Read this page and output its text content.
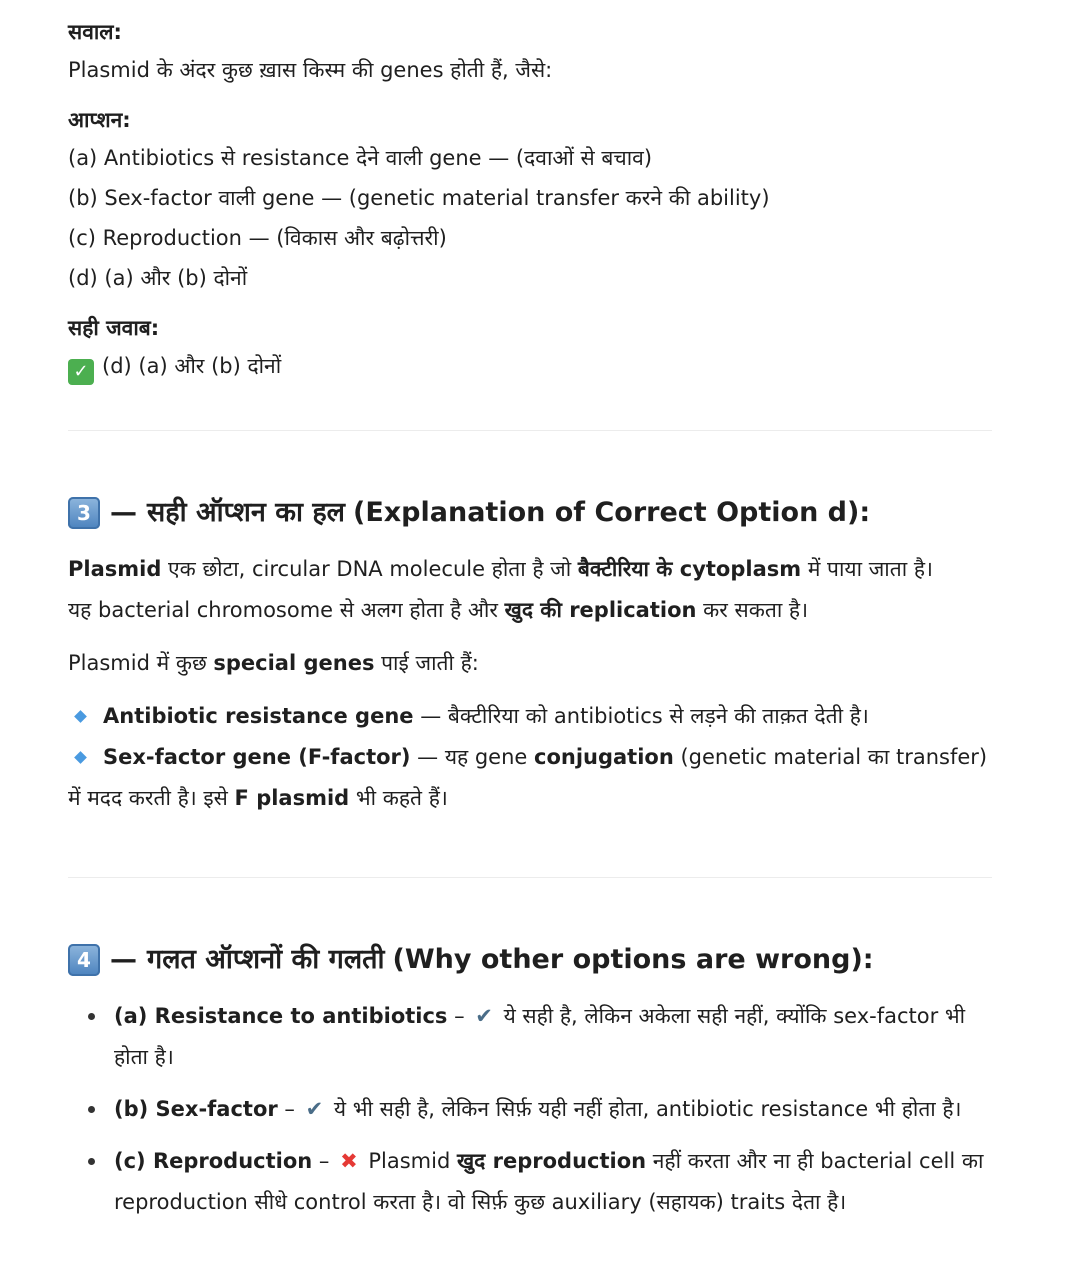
सवाल:

Plasmid के अंदर कुछ ख़ास किस्म की genes होती हैं, जैसे:

आप्शन:

(a) Antibiotics से resistance देने वाली gene — (दवाओं से बचाव)

(b) Sex-factor वाली gene — (genetic material transfer करने की ability)

(c) Reproduction — (विकास और बढ़ोत्तरी)

(d) (a) और (b) दोनों

सही जवाब:

✓ (d) (a) और (b) दोनों

3 — सही ऑप्शन का हल (Explanation of Correct Option d):

Plasmid एक छोटा, circular DNA molecule होता है जो बैक्टीरिया के cytoplasm में पाया जाता है।

यह bacterial chromosome से अलग होता है और खुद की replication कर सकता है।

Plasmid में कुछ special genes पाई जाती हैं:

Antibiotic resistance gene — बैक्टीरिया को antibiotics से लड़ने की ताक़त देती है।

Sex-factor gene (F-factor) — यह gene conjugation (genetic material का transfer) में मदद करती है। इसे F plasmid भी कहते हैं।

4 — गलत ऑप्शनों की गलती (Why other options are wrong):
(a) Resistance to antibiotics – ✔ ये सही है, लेकिन अकेला सही नहीं, क्योंकि sex-factor भी होता है।
(b) Sex-factor – ✔ ये भी सही है, लेकिन सिर्फ़ यही नहीं होता, antibiotic resistance भी होता है।
(c) Reproduction – ✖ Plasmid खुद reproduction नहीं करता और ना ही bacterial cell का reproduction सीधे control करता है। वो सिर्फ़ कुछ auxiliary (सहायक) traits देता है।
